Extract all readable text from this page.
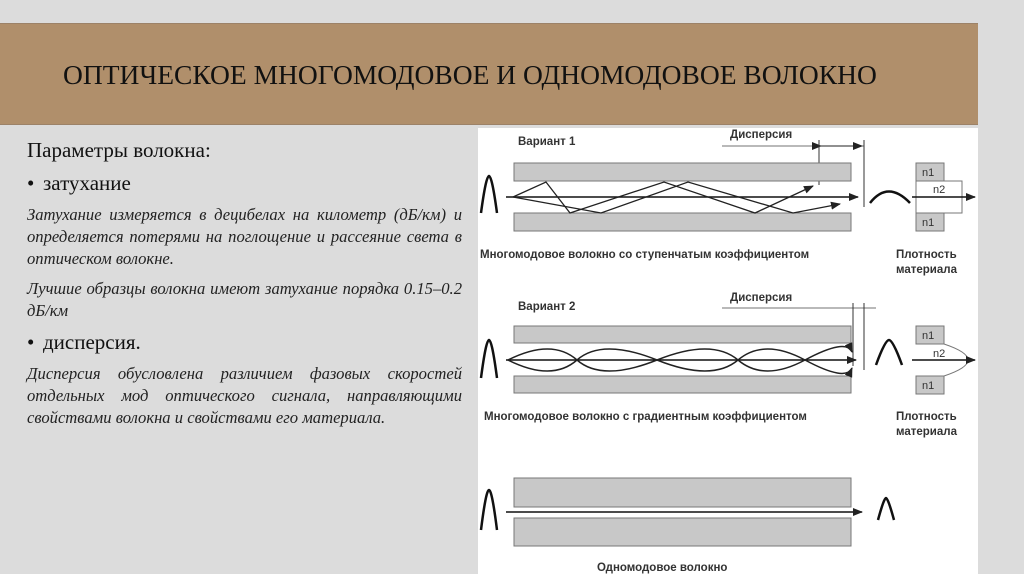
ОПТИЧЕСКОЕ МНОГОМОДОВОЕ И ОДНОМОДОВОЕ ВОЛОКНО

Параметры волокна:

• затухание

Затухание измеряется в децибелах на километр (дБ/км) и определяется потерями на поглощение и рассеяние света в оптическом волокне.

Лучшие образцы волокна имеют затухание порядка 0.15–0.2 дБ/км

• дисперсия.

Дисперсия обусловлена различием фазовых скоростей отдельных мод оптического сигнала, направляющими свойствами волокна и свойствами его материала.

Вариант 1
Дисперсия
n1
n2
n1
Многомодовое волокно со ступенчатым коэффициентом	Плотность
материала
Вариант 2
Дисперсия
n1
n2
n1
Многомодовое волокно с градиентным коэффициентом	Плотность
материала
Одномодовое волокно
